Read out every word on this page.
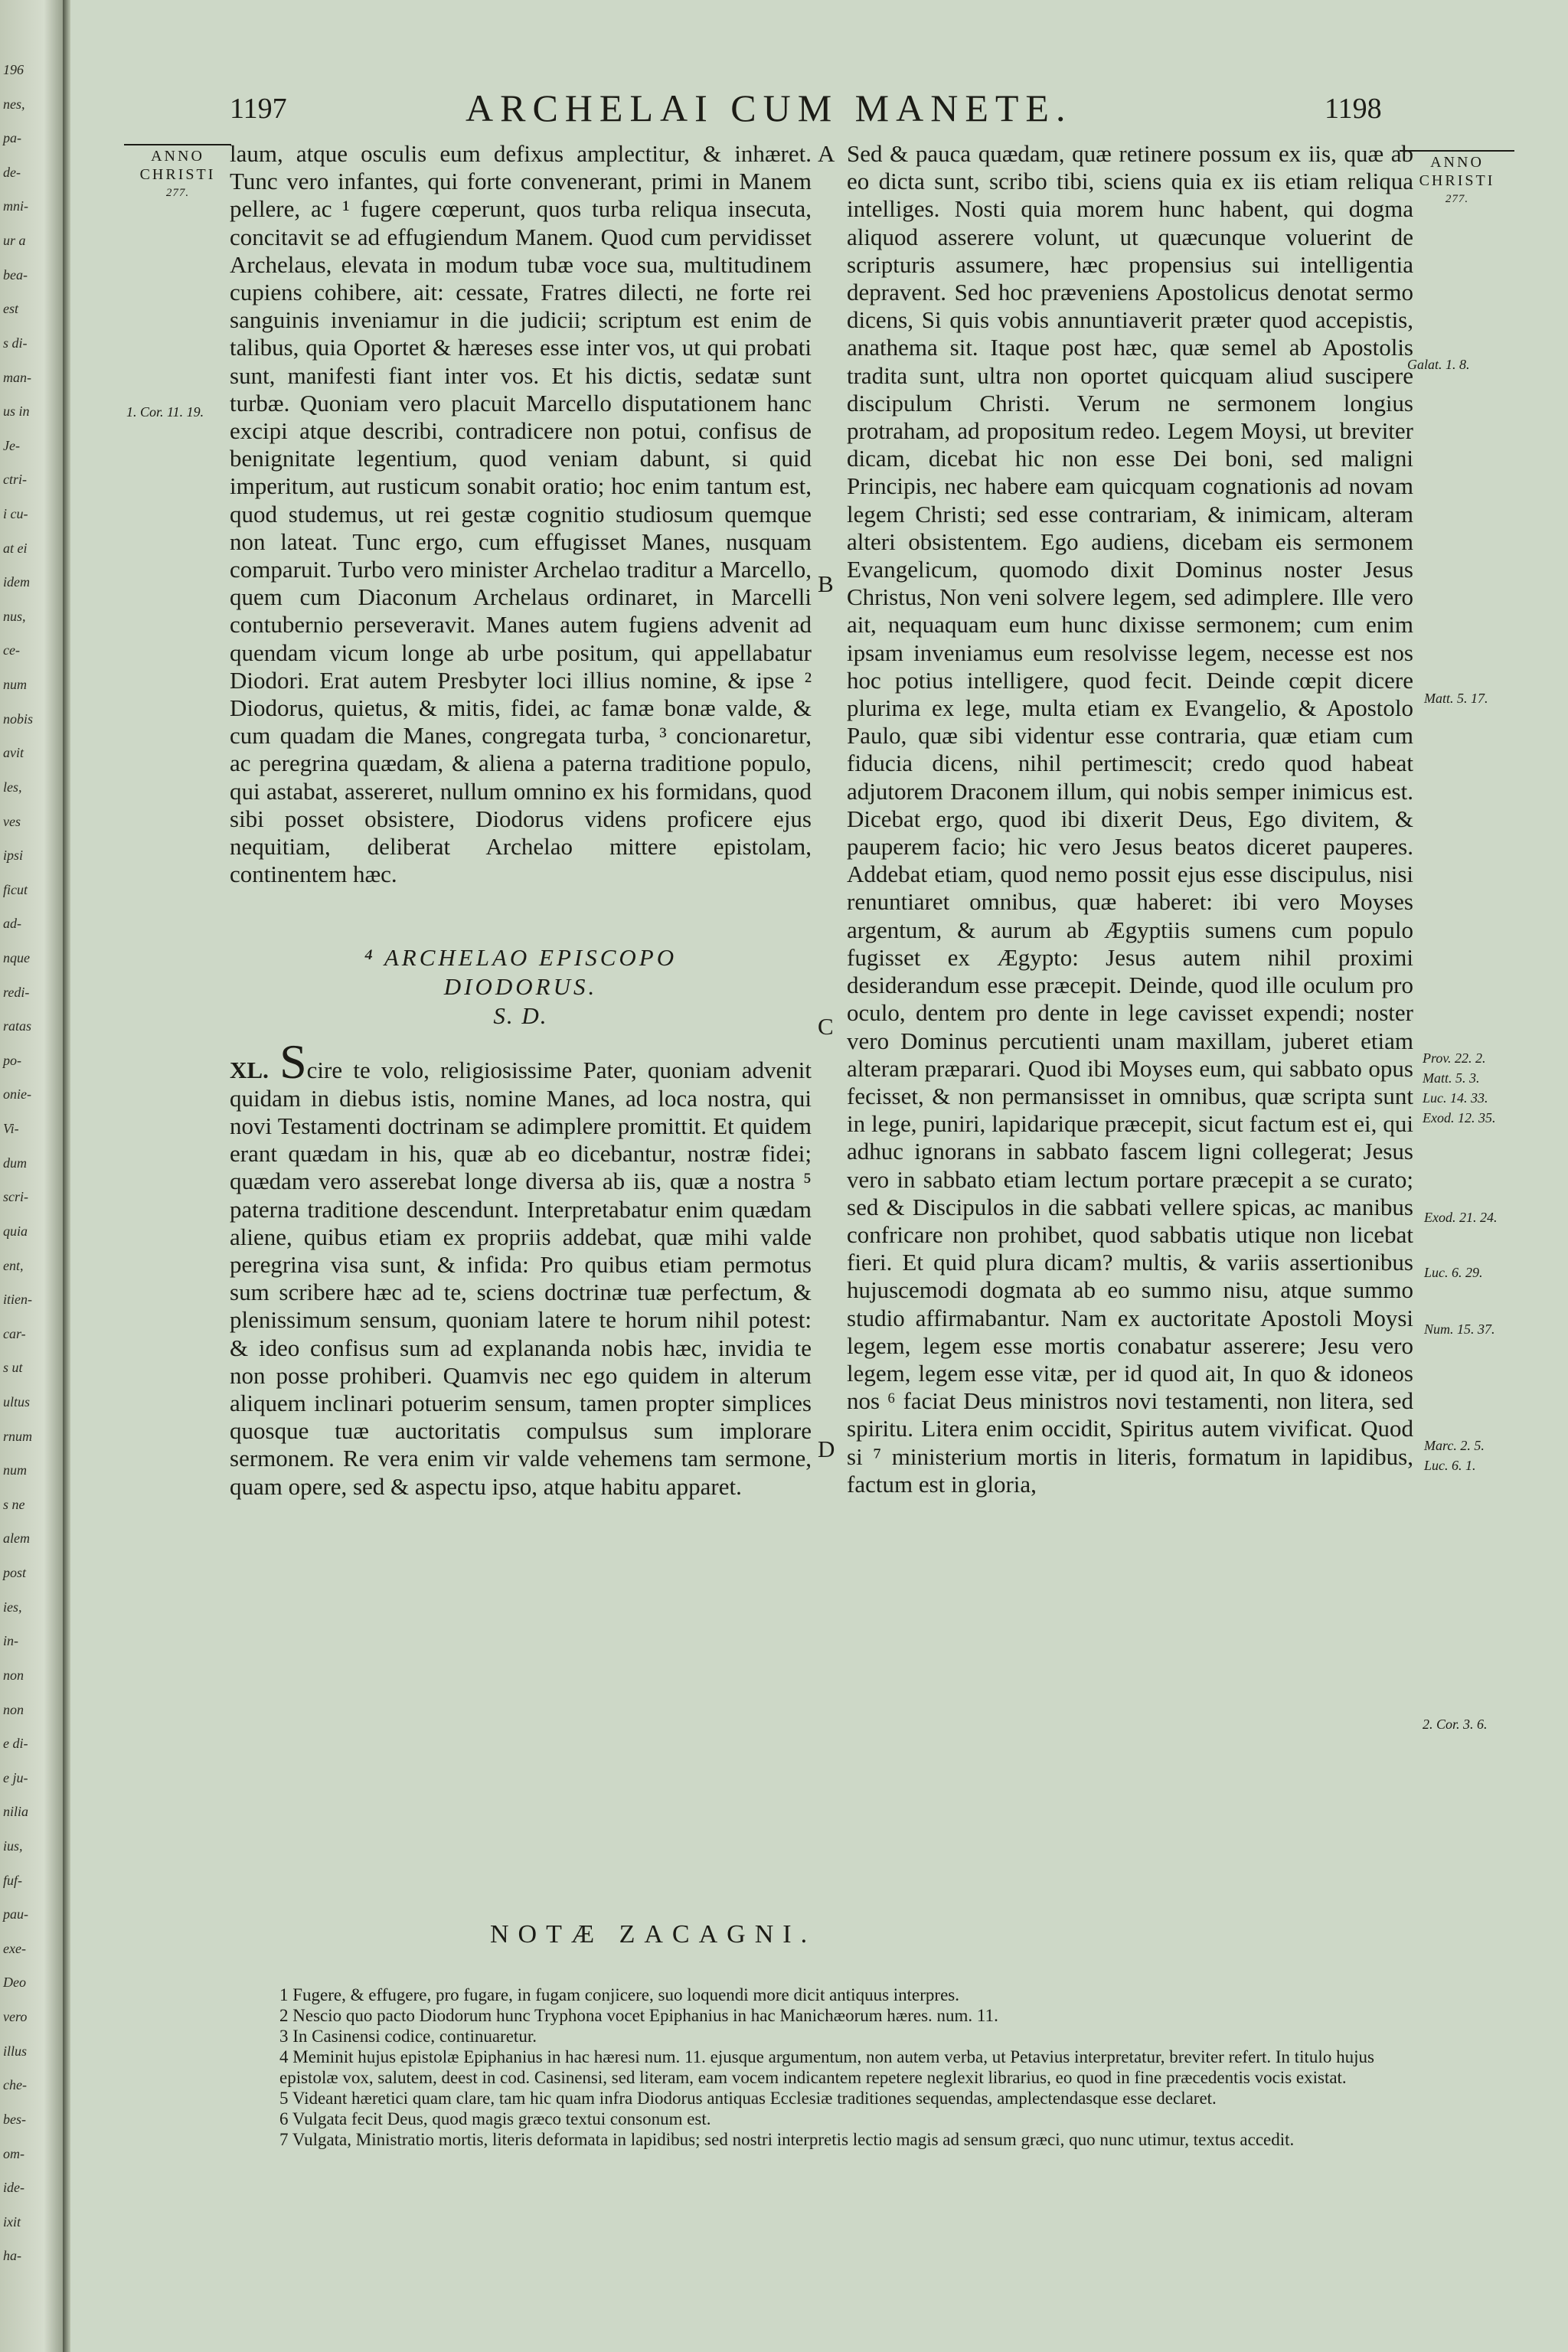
196
nes,
pa-
de-
mni-
ur a
bea-
est
s di-
man-
us in
Je-
ctri-
i cu-
at ei
idem
nus,
ce-
num
nobis
avit
les,
ves
ipsi
ficut
ad-
nque
redi-
ratas
po-
onie-
Vi-
dum
scri-
quia
ent,
itien-
car-
s ut
ultus
rnum
num
s ne
alem
post
ies,
in-
non
non
e di-
e ju-
nilia
ius,
fuf-
pau-
exe-
Deo
vero
illus
che-
bes-
om-
ide-
ixit
ha-
1197	ARCHELAI CUM MANETE.	1198
ANNO
CHRISTI
277.
ANNO
CHRISTI
277.

laum, atque osculis eum defixus amplectitur, & inhæret. Tunc vero infantes, qui forte convenerant, primi in Manem pellere, ac ¹ fugere cœperunt, quos turba reliqua insecuta, concitavit se ad effugiendum Manem. Quod cum pervidisset Archelaus, elevata in modum tubæ voce sua, multitudinem cupiens cohibere, ait: cessate, Fratres dilecti, ne forte rei sanguinis inveniamur in die judicii; scriptum est enim de talibus, quia Oportet & hæreses esse inter vos, ut qui probati sunt, manifesti fiant inter vos. Et his dictis, sedatæ sunt turbæ. Quoniam vero placuit Marcello disputationem hanc excipi atque describi, contradicere non potui, confisus de benignitate legentium, quod veniam dabunt, si quid imperitum, aut rusticum sonabit oratio; hoc enim tantum est, quod studemus, ut rei gestæ cognitio studiosum quemque non lateat. Tunc ergo, cum effugisset Manes, nusquam comparuit. Turbo vero minister Archelao traditur a Marcello, quem cum Diaconum Archelaus ordinaret, in Marcelli contubernio perseveravit. Manes autem fugiens advenit ad quendam vicum longe ab urbe positum, qui appellabatur Diodori. Erat autem Presbyter loci illius nomine, & ipse ² Diodorus, quietus, & mitis, fidei, ac famæ bonæ valde, & cum quadam die Manes, congregata turba, ³ concionaretur, ac peregrina quædam, & aliena a paterna traditione populo, qui astabat, assereret, nullum omnino ex his formidans, quod sibi posset obsistere, Diodorus videns proficere ejus nequitiam, deliberat Archelao mittere epistolam, continentem hæc.

⁴ ARCHELAO EPISCOPO
DIODORUS.
S. D.

XL. Scire te volo, religiosissime Pater, quoniam advenit quidam in diebus istis, nomine Manes, ad loca nostra, qui novi Testamenti doctrinam se adimplere promittit. Et quidem erant quædam in his, quæ ab eo dicebantur, nostræ fidei; quædam vero asserebat longe diversa ab iis, quæ a nostra ⁵ paterna traditione descendunt. Interpretabatur enim quædam aliene, quibus etiam ex propriis addebat, quæ mihi valde peregrina visa sunt, & infida: Pro quibus etiam permotus sum scribere hæc ad te, sciens doctrinæ tuæ perfectum, & plenissimum sensum, quoniam latere te horum nihil potest: & ideo confisus sum ad explananda nobis hæc, invidia te non posse prohiberi. Quamvis nec ego quidem in alterum aliquem inclinari potuerim sensum, tamen propter simplices quosque tuæ auctoritatis compulsus sum implorare sermonem. Re vera enim vir valde vehemens tam sermone, quam opere, sed & aspectu ipso, atque habitu apparet.

Sed & pauca quædam, quæ retinere possum ex iis, quæ ab eo dicta sunt, scribo tibi, sciens quia ex iis etiam reliqua intelliges. Nosti quia morem hunc habent, qui dogma aliquod asserere volunt, ut quæcunque voluerint de scripturis assumere, hæc propensius sui intelligentia depravent. Sed hoc præveniens Apostolicus denotat sermo dicens, Si quis vobis annuntiaverit præter quod accepistis, anathema sit. Itaque post hæc, quæ semel ab Apostolis tradita sunt, ultra non oportet quicquam aliud suscipere discipulum Christi. Verum ne sermonem longius protraham, ad propositum redeo. Legem Moysi, ut breviter dicam, dicebat hic non esse Dei boni, sed maligni Principis, nec habere eam quicquam cognationis ad novam legem Christi; sed esse contrariam, & inimicam, alteram alteri obsistentem. Ego audiens, dicebam eis sermonem Evangelicum, quomodo dixit Dominus noster Jesus Christus, Non veni solvere legem, sed adimplere. Ille vero ait, nequaquam eum hunc dixisse sermonem; cum enim ipsam inveniamus eum resolvisse legem, necesse est nos hoc potius intelligere, quod fecit. Deinde cœpit dicere plurima ex lege, multa etiam ex Evangelio, & Apostolo Paulo, quæ sibi videntur esse contraria, quæ etiam cum fiducia dicens, nihil pertimescit; credo quod habeat adjutorem Draconem illum, qui nobis semper inimicus est. Dicebat ergo, quod ibi dixerit Deus, Ego divitem, & pauperem facio; hic vero Jesus beatos diceret pauperes. Addebat etiam, quod nemo possit ejus esse discipulus, nisi renuntiaret omnibus, quæ haberet: ibi vero Moyses argentum, & aurum ab Ægyptiis sumens cum populo fugisset ex Ægypto: Jesus autem nihil proximi desiderandum esse præcepit. Deinde, quod ille oculum pro oculo, dentem pro dente in lege cavisset expendi; noster vero Dominus percutienti unam maxillam, juberet etiam alteram præparari. Quod ibi Moyses eum, qui sabbato opus fecisset, & non permansisset in omnibus, quæ scripta sunt in lege, puniri, lapidarique præcepit, sicut factum est ei, qui adhuc ignorans in sabbato fascem ligni collegerat; Jesus vero in sabbato etiam lectum portare præcepit a se curato; sed & Discipulos in die sabbati vellere spicas, ac manibus confricare non prohibet, quod sabbatis utique non licebat fieri. Et quid plura dicam? multis, & variis assertionibus hujuscemodi dogmata ab eo summo nisu, atque summo studio affirmabantur. Nam ex auctoritate Apostoli Moysi legem, legem esse mortis conabatur asserere; Jesu vero legem, legem esse vitæ, per id quod ait, In quo & idoneos nos ⁶ faciat Deus ministros novi testamenti, non litera, sed spiritu. Litera enim occidit, Spiritus autem vivificat. Quod si ⁷ ministerium mortis in literis, formatum in lapidibus, factum est in gloria,

A
B
C
D
1. Cor. 11. 19.
Galat. 1. 8.
Matt. 5. 17.
Prov. 22. 2.
Matt. 5. 3.
Luc. 14. 33.
Exod. 12. 35.
Exod. 21. 24.
Luc. 6. 29.
Num. 15. 37.
Marc. 2. 5.
Luc. 6. 1.
2. Cor. 3. 6.
NOTÆ ZACAGNI.

1 Fugere, & effugere, pro fugare, in fugam conjicere, suo loquendi more dicit antiquus interpres.

2 Nescio quo pacto Diodorum hunc Tryphona vocet Epiphanius in hac Manichæorum hæres. num. 11.

3 In Casinensi codice, continuaretur.

4 Meminit hujus epistolæ Epiphanius in hac hæresi num. 11. ejusque argumentum, non autem verba, ut Petavius interpretatur, breviter refert. In titulo hujus epistolæ vox, salutem, deest in cod. Casinensi, sed literam, eam vocem indicantem repetere neglexit librarius, eo quod in fine præcedentis vocis existat.

5 Videant hæretici quam clare, tam hic quam infra Diodorus antiquas Ecclesiæ traditiones sequendas, amplectendasque esse declaret.

6 Vulgata fecit Deus, quod magis græco textui consonum est.

7 Vulgata, Ministratio mortis, literis deformata in lapidibus; sed nostri interpretis lectio magis ad sensum græci, quo nunc utimur, textus accedit.
